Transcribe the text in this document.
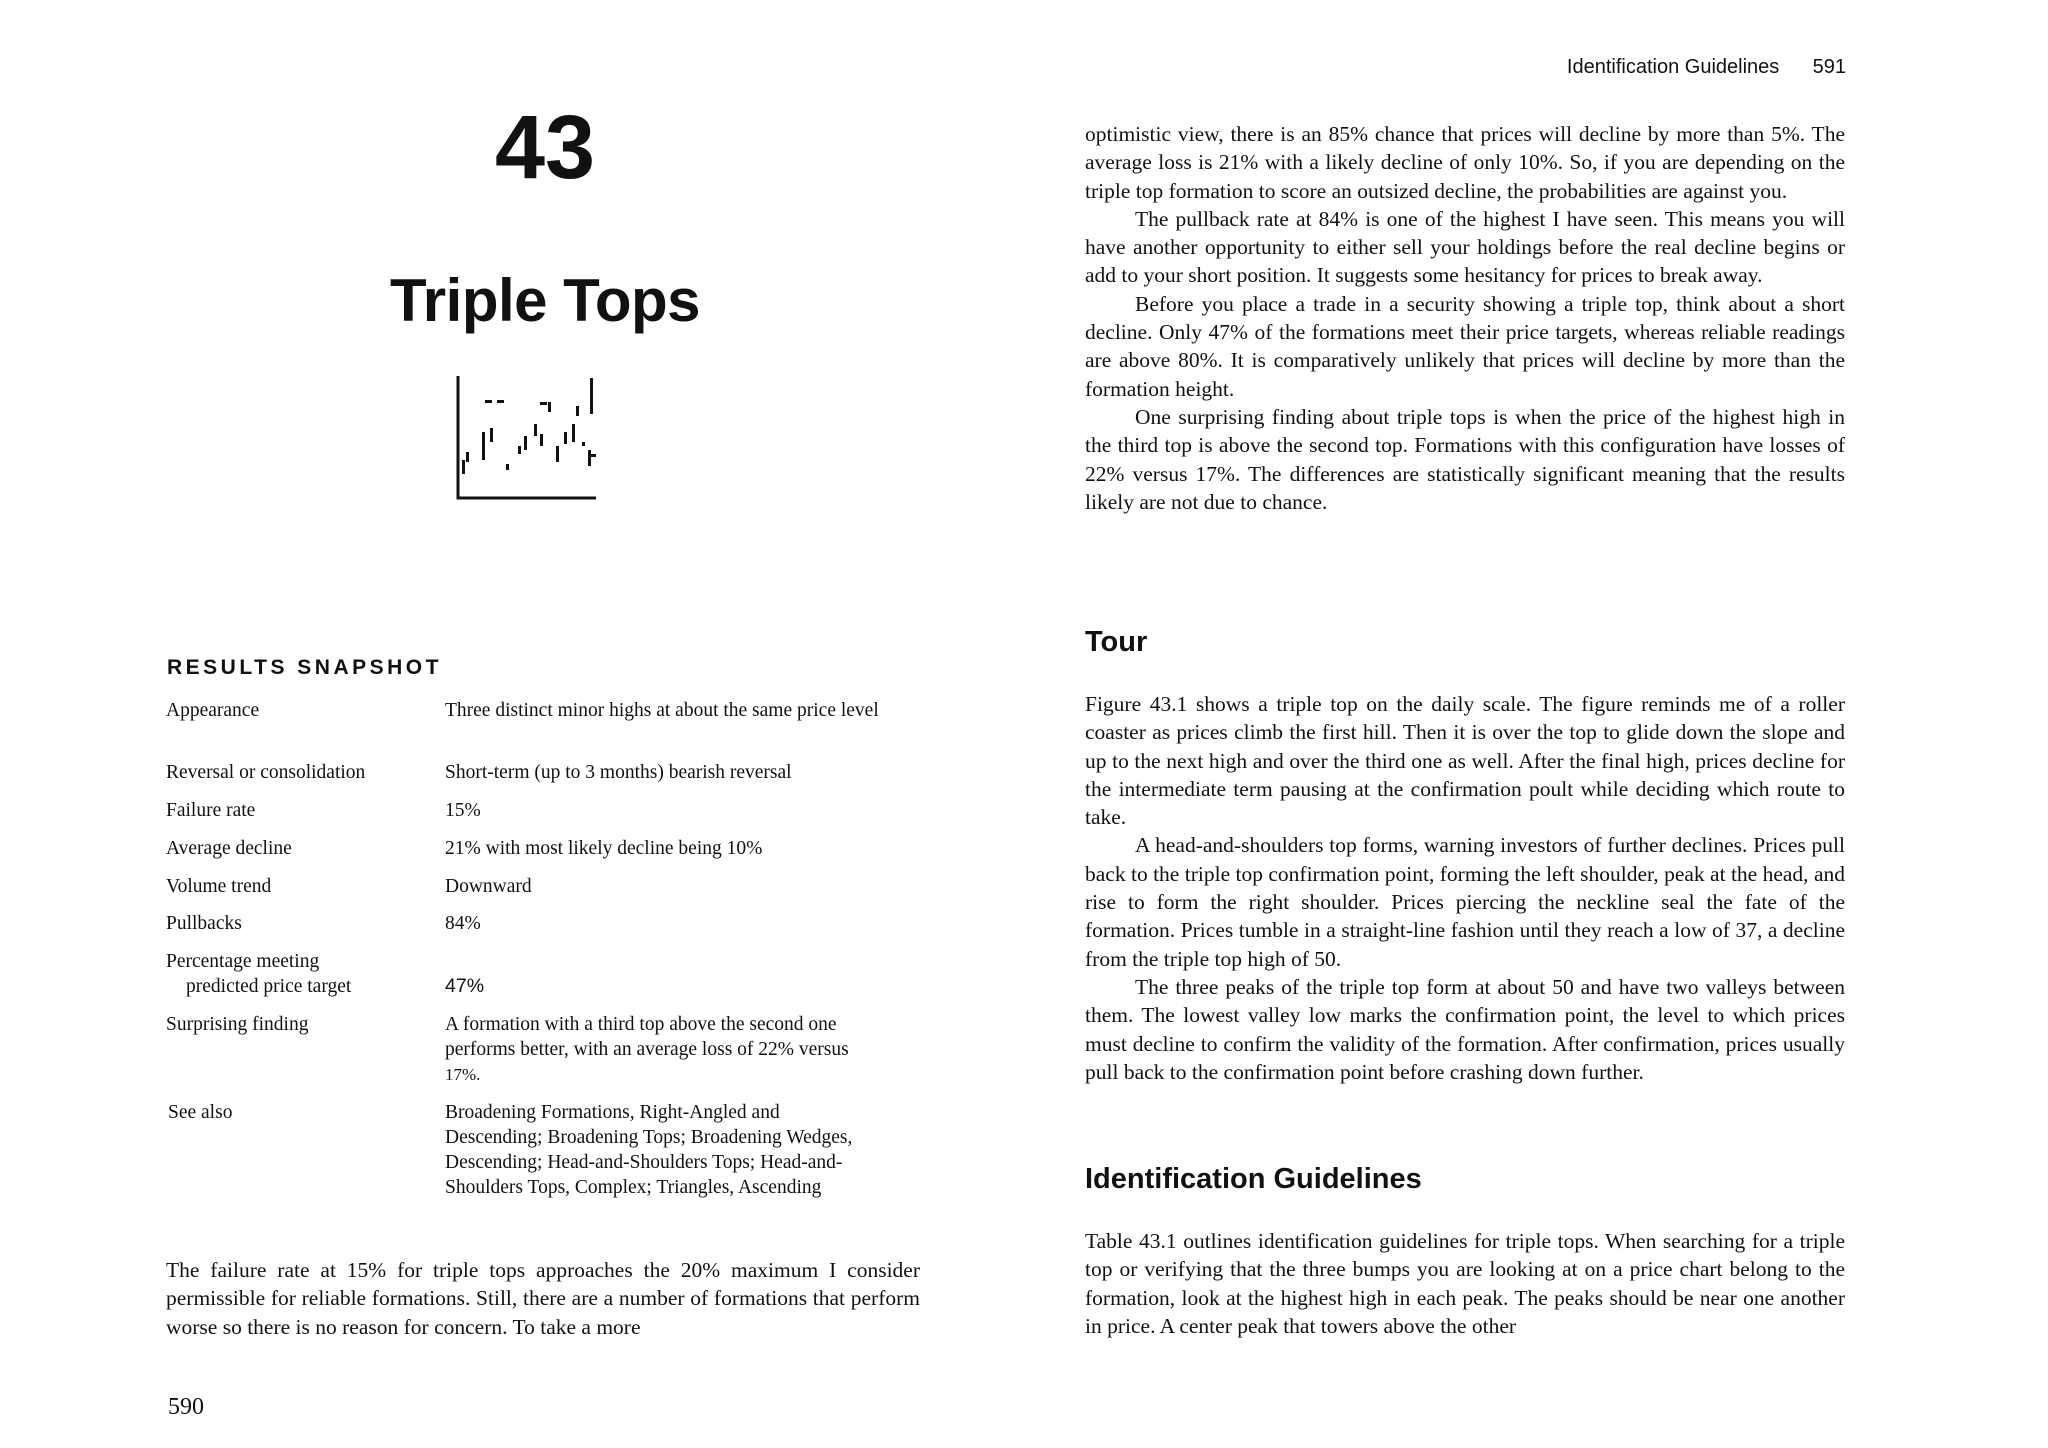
43
Triple Tops
RESULTS SNAPSHOT
Appearance	Three distinct minor highs at about the same price level
Reversal or consolidation	Short-term (up to 3 months) bearish reversal
Failure rate	15%
Average decline	21% with most likely decline being 10%
Volume trend	Downward
Pullbacks	84%
Percentage meeting
predicted price target	47%
Surprising finding	A formation with a third top above the second one
performs better, with an average loss of 22% versus
17%.
See also	Broadening Formations, Right-Angled and
Descending; Broadening Tops; Broadening Wedges,
Descending; Head-and-Shoulders Tops; Head-and-
Shoulders Tops, Complex; Triangles, Ascending

The failure rate at 15% for triple tops approaches the 20% maximum I consider permissible for reliable formations. Still, there are a number of formations that perform worse so there is no reason for concern. To take a more

590
Identification Guidelines 591

optimistic view, there is an 85% chance that prices will decline by more than 5%. The average loss is 21% with a likely decline of only 10%. So, if you are depending on the triple top formation to score an outsized decline, the probabilities are against you.

The pullback rate at 84% is one of the highest I have seen. This means you will have another opportunity to either sell your holdings before the real decline begins or add to your short position. It suggests some hesitancy for prices to break away.

Before you place a trade in a security showing a triple top, think about a short decline. Only 47% of the formations meet their price targets, whereas reliable readings are above 80%. It is comparatively unlikely that prices will decline by more than the formation height.

One surprising finding about triple tops is when the price of the highest high in the third top is above the second top. Formations with this configuration have losses of 22% versus 17%. The differences are statistically significant meaning that the results likely are not due to chance.

Tour

Figure 43.1 shows a triple top on the daily scale. The figure reminds me of a roller coaster as prices climb the first hill. Then it is over the top to glide down the slope and up to the next high and over the third one as well. After the final high, prices decline for the intermediate term pausing at the confirmation poult while deciding which route to take.

A head-and-shoulders top forms, warning investors of further declines. Prices pull back to the triple top confirmation point, forming the left shoulder, peak at the head, and rise to form the right shoulder. Prices piercing the neckline seal the fate of the formation. Prices tumble in a straight-line fashion until they reach a low of 37, a decline from the triple top high of 50.

The three peaks of the triple top form at about 50 and have two valleys between them. The lowest valley low marks the confirmation point, the level to which prices must decline to confirm the validity of the formation. After confirmation, prices usually pull back to the confirmation point before crashing down further.

Identification Guidelines

Table 43.1 outlines identification guidelines for triple tops. When searching for a triple top or verifying that the three bumps you are looking at on a price chart belong to the formation, look at the highest high in each peak. The peaks should be near one another in price. A center peak that towers above the other
